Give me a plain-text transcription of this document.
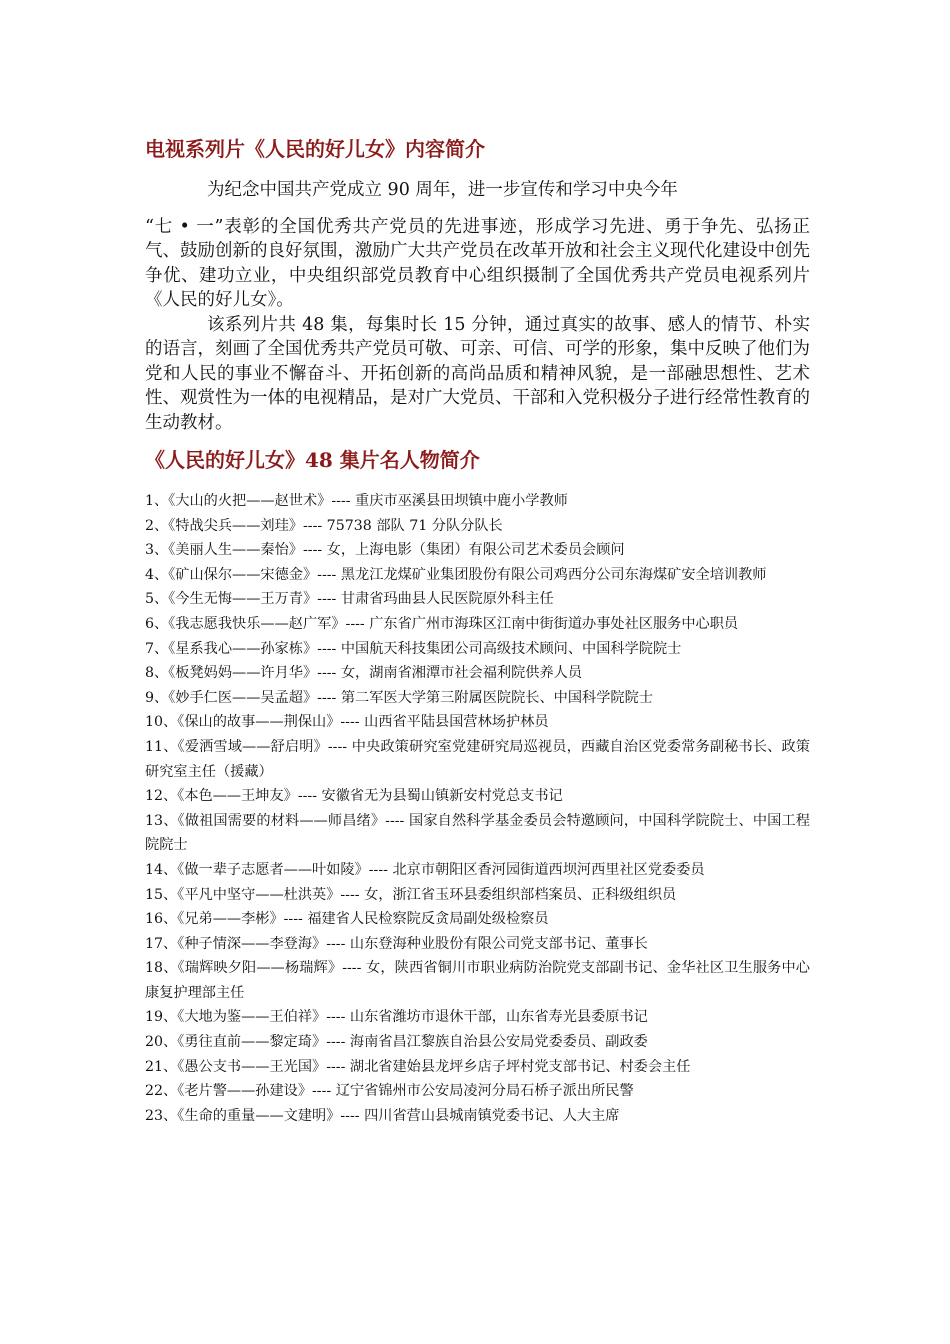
电视系列片《人民的好儿女》内容简介

为纪念中国共产党成立 90 周年，进一步宣传和学习中央今年

“七 • 一”表彰的全国优秀共产党员的先进事迹，形成学习先进、勇于争先、弘扬正气、鼓励创新的良好氛围，激励广大共产党员在改革开放和社会主义现代化建设中创先争优、建功立业，中央组织部党员教育中心组织摄制了全国优秀共产党员电视系列片《人民的好儿女》。

该系列片共 48 集，每集时长 15 分钟，通过真实的故事、感人的情节、朴实的语言，刻画了全国优秀共产党员可敬、可亲、可信、可学的形象，集中反映了他们为党和人民的事业不懈奋斗、开拓创新的高尚品质和精神风貌，是一部融思想性、艺术性、观赏性为一体的电视精品，是对广大党员、干部和入党积极分子进行经常性教育的生动教材。

《人民的好儿女》48 集片名人物简介
1、《大山的火把——赵世术》---- 重庆市巫溪县田坝镇中鹿小学教师
2、《特战尖兵——刘珪》---- 75738 部队 71 分队分队长
3、《美丽人生——秦怡》---- 女，上海电影（集团）有限公司艺术委员会顾问
4、《矿山保尔——宋德金》---- 黑龙江龙煤矿业集团股份有限公司鸡西分公司东海煤矿安全培训教师
5、《今生无悔——王万青》---- 甘肃省玛曲县人民医院原外科主任
6、《我志愿我快乐——赵广军》---- 广东省广州市海珠区江南中街街道办事处社区服务中心职员
7、《星系我心——孙家栋》---- 中国航天科技集团公司高级技术顾问、中国科学院院士
8、《板凳妈妈——许月华》---- 女，湖南省湘潭市社会福利院供养人员
9、《妙手仁医——吴孟超》---- 第二军医大学第三附属医院院长、中国科学院院士
10、《保山的故事——荆保山》---- 山西省平陆县国营林场护林员
11、《爱洒雪域——舒启明》---- 中央政策研究室党建研究局巡视员，西藏自治区党委常务副秘书长、政策研究室主任（援藏）
12、《本色——王坤友》---- 安徽省无为县蜀山镇新安村党总支书记
13、《做祖国需要的材料——师昌绪》---- 国家自然科学基金委员会特邀顾问，中国科学院院士、中国工程院院士
14、《做一辈子志愿者——叶如陵》---- 北京市朝阳区香河园街道西坝河西里社区党委委员
15、《平凡中坚守——杜洪英》---- 女，浙江省玉环县委组织部档案员、正科级组织员
16、《兄弟——李彬》---- 福建省人民检察院反贪局副处级检察员
17、《种子情深——李登海》---- 山东登海种业股份有限公司党支部书记、董事长
18、《瑞辉映夕阳——杨瑞辉》---- 女，陕西省铜川市职业病防治院党支部副书记、金华社区卫生服务中心康复护理部主任
19、《大地为鉴——王伯祥》---- 山东省潍坊市退休干部，山东省寿光县委原书记
20、《勇往直前——黎定琦》---- 海南省昌江黎族自治县公安局党委委员、副政委
21、《愚公支书——王光国》---- 湖北省建始县龙坪乡店子坪村党支部书记、村委会主任
22、《老片警——孙建设》---- 辽宁省锦州市公安局凌河分局石桥子派出所民警
23、《生命的重量——文建明》---- 四川省营山县城南镇党委书记、人大主席
